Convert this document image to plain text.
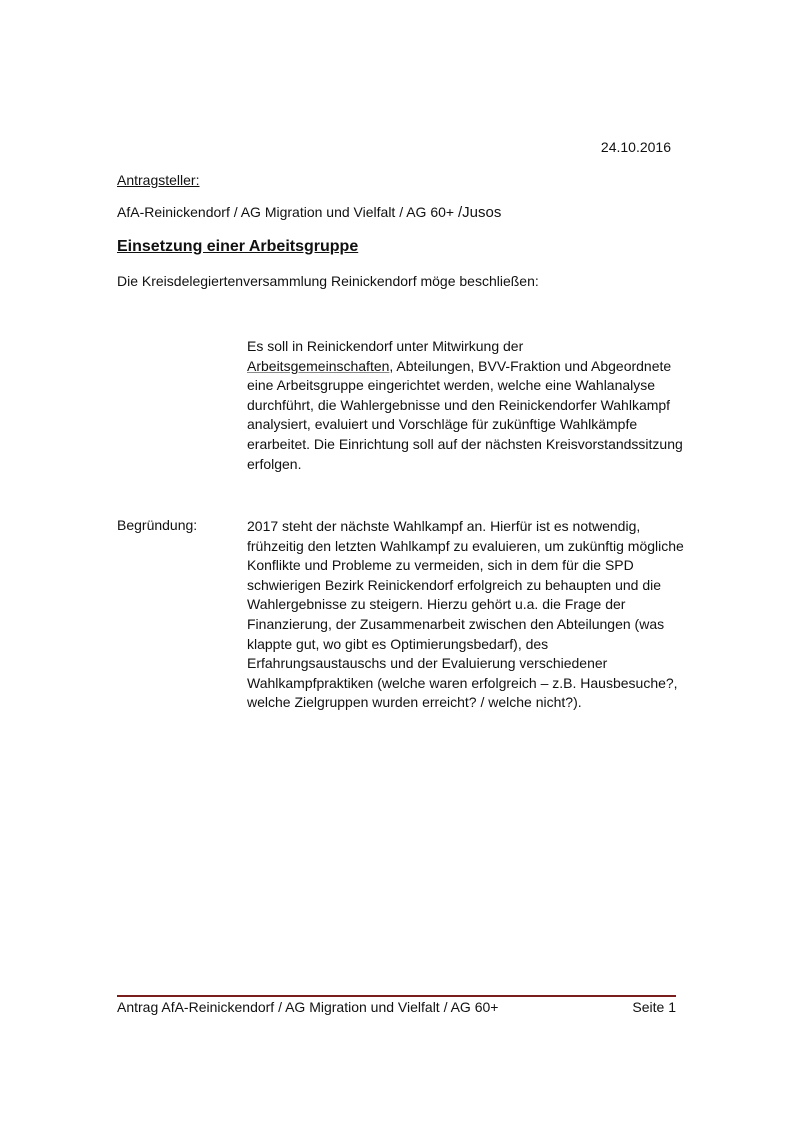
24.10.2016
Antragsteller:
AfA-Reinickendorf / AG Migration und Vielfalt / AG 60+ /Jusos
Einsetzung einer Arbeitsgruppe
Die Kreisdelegiertenversammlung Reinickendorf möge beschließen:
Es soll in Reinickendorf unter Mitwirkung der
Arbeitsgemeinschaften, Abteilungen, BVV-Fraktion und Abgeordnete eine Arbeitsgruppe eingerichtet werden, welche eine Wahlanalyse durchführt, die Wahlergebnisse und den Reinickendorfer Wahlkampf analysiert, evaluiert und Vorschläge für zukünftige Wahlkämpfe erarbeitet. Die Einrichtung soll auf der nächsten Kreisvorstandssitzung erfolgen.
Begründung:	2017 steht der nächste Wahlkampf an. Hierfür ist es notwendig, frühzeitig den letzten Wahlkampf zu evaluieren, um zukünftig mögliche Konflikte und Probleme zu vermeiden, sich in dem für die SPD schwierigen Bezirk Reinickendorf erfolgreich zu behaupten und die Wahlergebnisse zu steigern. Hierzu gehört u.a. die Frage der Finanzierung, der Zusammenarbeit zwischen den Abteilungen (was klappte gut, wo gibt es Optimierungsbedarf), des Erfahrungsaustauschs und der Evaluierung verschiedener Wahlkampfpraktiken (welche waren erfolgreich – z.B. Hausbesuche?, welche Zielgruppen wurden erreicht? / welche nicht?).
Antrag AfA-Reinickendorf / AG Migration und Vielfalt / AG 60+	Seite 1
